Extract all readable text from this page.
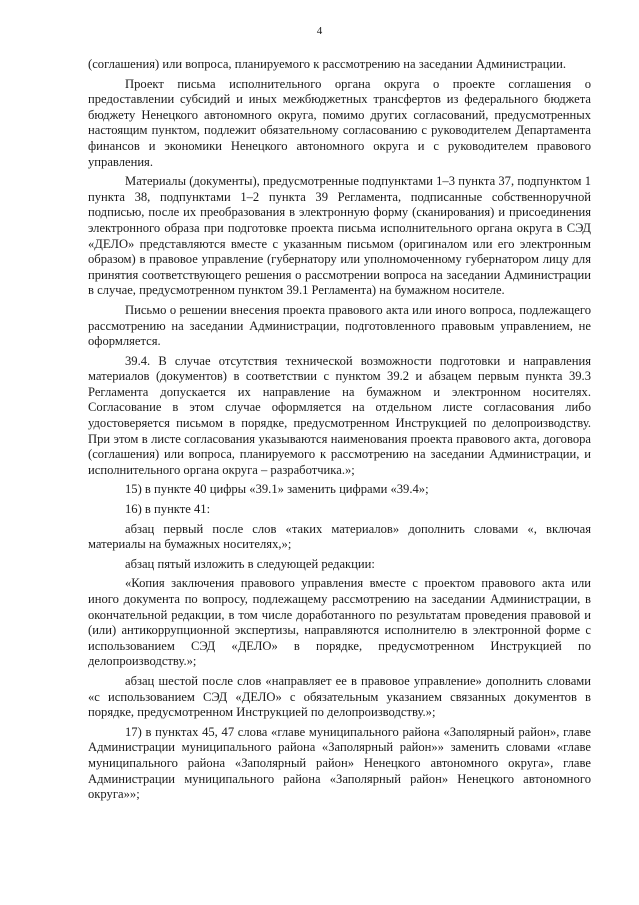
4

(соглашения) или вопроса, планируемого к рассмотрению на заседании Администрации.

Проект письма исполнительного органа округа о проекте соглашения о предоставлении субсидий и иных межбюджетных трансфертов из федерального бюджета бюджету Ненецкого автономного округа, помимо других согласований, предусмотренных настоящим пунктом, подлежит обязательному согласованию с руководителем Департамента финансов и экономики Ненецкого автономного округа и с руководителем правового управления.

Материалы (документы), предусмотренные подпунктами 1–3 пункта 37, подпунктом 1 пункта 38, подпунктами 1–2 пункта 39 Регламента, подписанные собственноручной подписью, после их преобразования в электронную форму (сканирования) и присоединения электронного образа при подготовке проекта письма исполнительного органа округа в СЭД «ДЕЛО» представляются вместе с указанным письмом (оригиналом или его электронным образом) в правовое управление (губернатору или уполномоченному губернатором лицу для принятия соответствующего решения о рассмотрении вопроса на заседании Администрации в случае, предусмотренном пунктом 39.1 Регламента) на бумажном носителе.

Письмо о решении внесения проекта правового акта или иного вопроса, подлежащего рассмотрению на заседании Администрации, подготовленного правовым управлением, не оформляется.

39.4. В случае отсутствия технической возможности подготовки и направления материалов (документов) в соответствии с пунктом 39.2 и абзацем первым пункта 39.3 Регламента допускается их направление на бумажном и электронном носителях. Согласование в этом случае оформляется на отдельном листе согласования либо удостоверяется письмом в порядке, предусмотренном Инструкцией по делопроизводству. При этом в листе согласования указываются наименования проекта правового акта, договора (соглашения) или вопроса, планируемого к рассмотрению на заседании Администрации, и исполнительного органа округа – разработчика.»;

15) в пункте 40 цифры «39.1» заменить цифрами «39.4»;

16) в пункте 41:

абзац первый после слов «таких материалов» дополнить словами «, включая материалы на бумажных носителях,»;

абзац пятый изложить в следующей редакции:

«Копия заключения правового управления вместе с проектом правового акта или иного документа по вопросу, подлежащему рассмотрению на заседании Администрации, в окончательной редакции, в том числе доработанного по результатам проведения правовой и (или) антикоррупционной экспертизы, направляются исполнителю в электронной форме с использованием СЭД «ДЕЛО» в порядке, предусмотренном Инструкцией по делопроизводству.»;

абзац шестой после слов «направляет ее в правовое управление» дополнить словами «с использованием СЭД «ДЕЛО» с обязательным указанием связанных документов в порядке, предусмотренном Инструкцией по делопроизводству.»;

17) в пунктах 45, 47 слова «главе муниципального района «Заполярный район», главе Администрации муниципального района «Заполярный район»» заменить словами «главе муниципального района «Заполярный район» Ненецкого автономного округа», главе Администрации муниципального района «Заполярный район» Ненецкого автономного округа»»;
